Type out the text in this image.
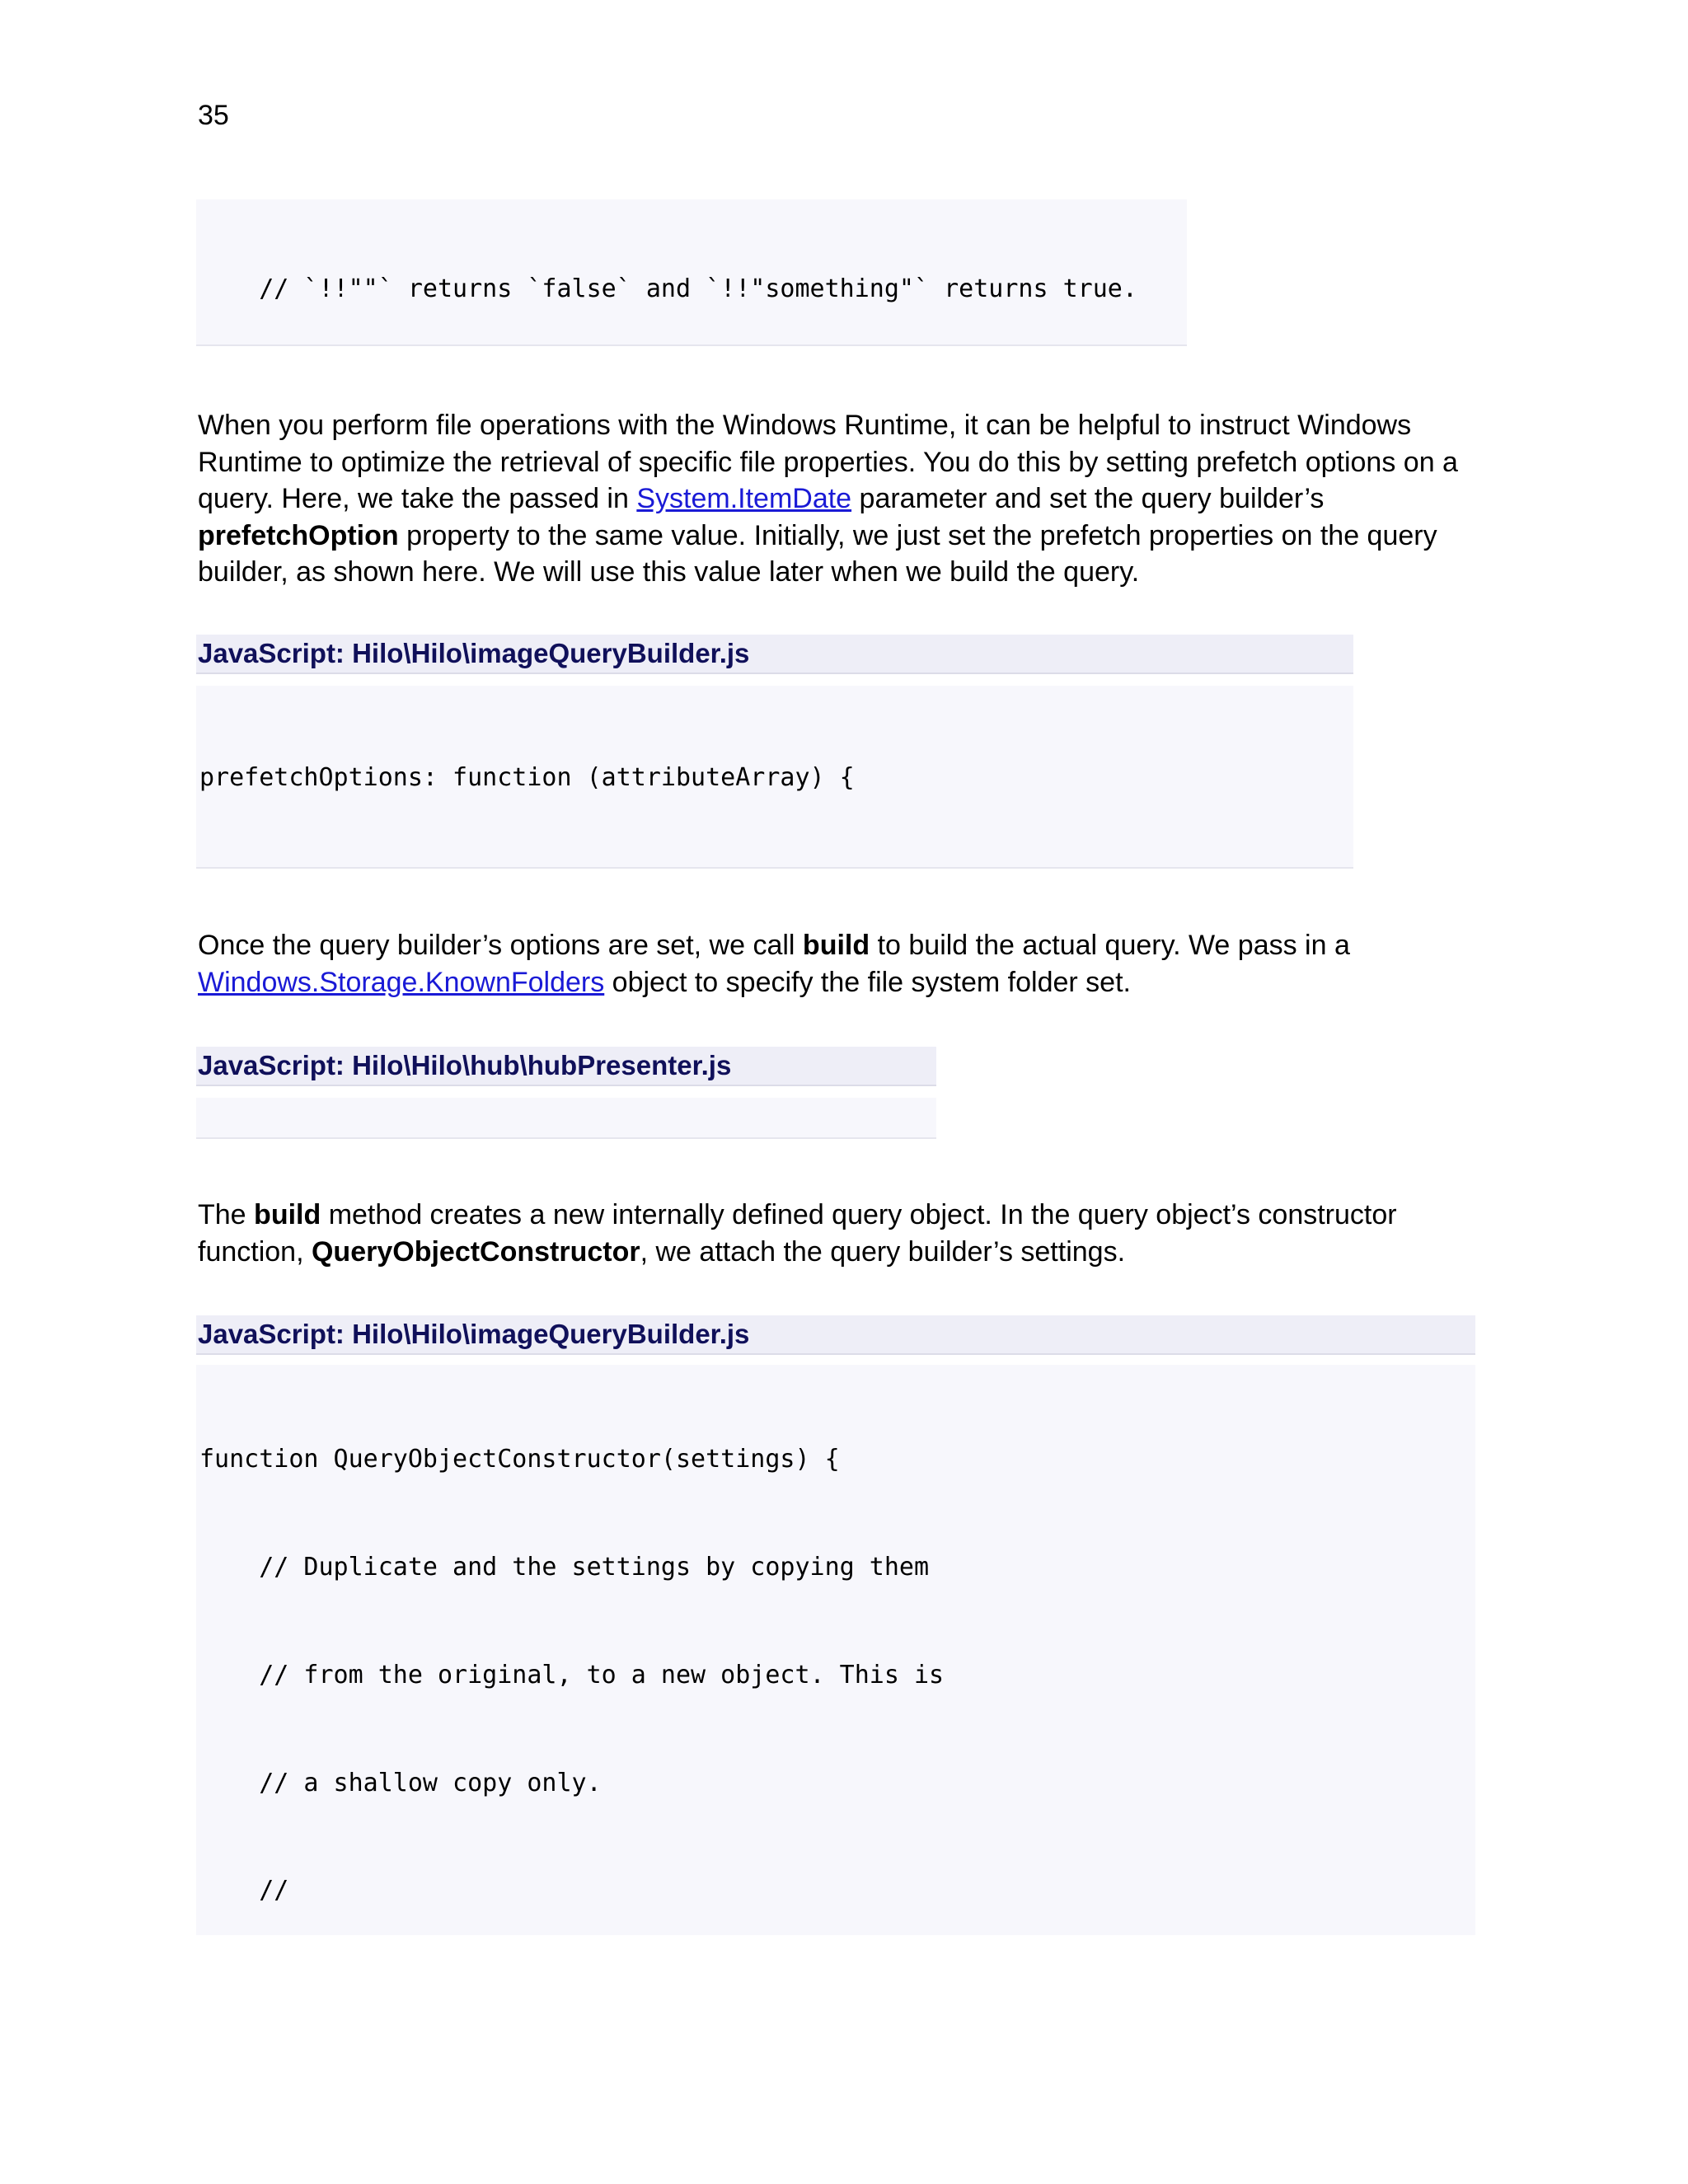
35

// `!!""` returns `false` and `!!"something"` returns true.

When you perform file operations with the Windows Runtime, it can be helpful to instruct Windows Runtime to optimize the retrieval of specific file properties. You do this by setting prefetch options on a query. Here, we take the passed in System.ItemDate parameter and set the query builder’s prefetchOption property to the same value. Initially, we just set the prefetch properties on the query builder, as shown here. We will use this value later when we build the query.
JavaScript: Hilo\Hilo\imageQueryBuilder.js

prefetchOptions: function (attributeArray) {

Once the query builder’s options are set, we call build to build the actual query. We pass in a Windows.Storage.KnownFolders object to specify the file system folder set.
JavaScript: Hilo\Hilo\hub\hubPresenter.js

The build method creates a new internally defined query object. In the query object’s constructor function, QueryObjectConstructor, we attach the query builder’s settings.
JavaScript: Hilo\Hilo\imageQueryBuilder.js

function QueryObjectConstructor(settings) {

// Duplicate and the settings by copying them

// from the original, to a new object. This is

// a shallow copy only.

//
